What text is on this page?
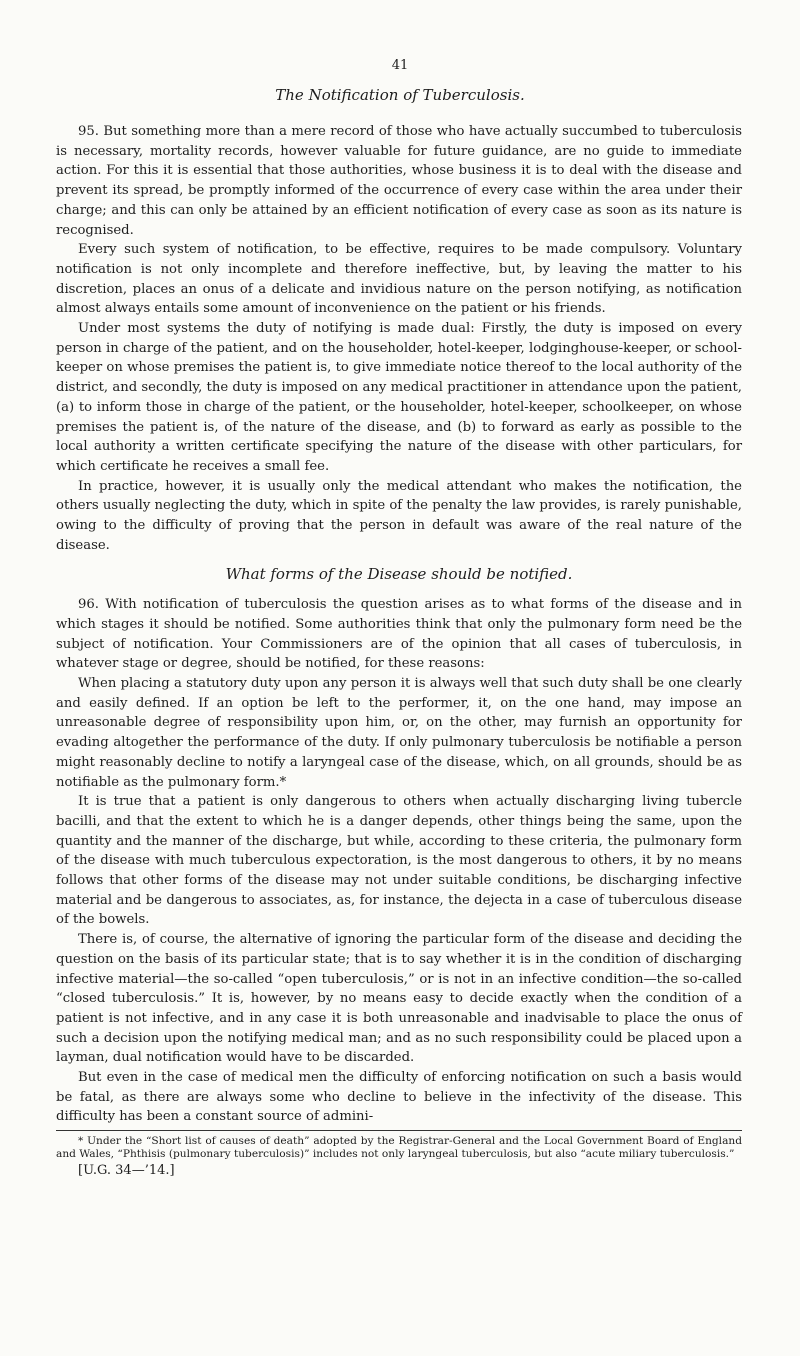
41
The Notification of Tuberculosis.

95. But something more than a mere record of those who have actually succumbed to tuberculosis is necessary, mortality records, however valuable for future guidance, are no guide to immediate action. For this it is essential that those authorities, whose business it is to deal with the disease and prevent its spread, be promptly informed of the occurrence of every case within the area under their charge; and this can only be attained by an efficient notification of every case as soon as its nature is recognised.

Every such system of notification, to be effective, requires to be made compulsory. Voluntary notification is not only incomplete and therefore ineffective, but, by leaving the matter to his discretion, places an onus of a delicate and invidious nature on the person notifying, as notification almost always entails some amount of inconvenience on the patient or his friends.

Under most systems the duty of notifying is made dual: Firstly, the duty is imposed on every person in charge of the patient, and on the householder, hotel-keeper, lodginghouse-keeper, or school-keeper on whose premises the patient is, to give immediate notice thereof to the local authority of the district, and secondly, the duty is imposed on any medical practitioner in attendance upon the patient, (a) to inform those in charge of the patient, or the householder, hotel-keeper, schoolkeeper, on whose premises the patient is, of the nature of the disease, and (b) to forward as early as possible to the local authority a written certificate specifying the nature of the disease with other particulars, for which certificate he receives a small fee.

In practice, however, it is usually only the medical attendant who makes the notification, the others usually neglecting the duty, which in spite of the penalty the law provides, is rarely punishable, owing to the difficulty of proving that the person in default was aware of the real nature of the disease.

What forms of the Disease should be notified.

96. With notification of tuberculosis the question arises as to what forms of the disease and in which stages it should be notified. Some authorities think that only the pulmonary form need be the subject of notification. Your Commissioners are of the opinion that all cases of tuberculosis, in whatever stage or degree, should be notified, for these reasons:

When placing a statutory duty upon any person it is always well that such duty shall be one clearly and easily defined. If an option be left to the performer, it, on the one hand, may impose an unreasonable degree of responsibility upon him, or, on the other, may furnish an opportunity for evading altogether the performance of the duty. If only pulmonary tuberculosis be notifiable a person might reasonably decline to notify a laryngeal case of the disease, which, on all grounds, should be as notifiable as the pulmonary form.*

It is true that a patient is only dangerous to others when actually discharging living tubercle bacilli, and that the extent to which he is a danger depends, other things being the same, upon the quantity and the manner of the discharge, but while, according to these criteria, the pulmonary form of the disease with much tuberculous expectoration, is the most dangerous to others, it by no means follows that other forms of the disease may not under suitable conditions, be discharging infective material and be dangerous to associates, as, for instance, the dejecta in a case of tuberculous disease of the bowels.

There is, of course, the alternative of ignoring the particular form of the disease and deciding the question on the basis of its particular state; that is to say whether it is in the condition of discharging infective material—the so-called “open tuberculosis,” or is not in an infective condition—the so-called “closed tuberculosis.” It is, however, by no means easy to decide exactly when the condition of a patient is not infective, and in any case it is both unreasonable and inadvisable to place the onus of such a decision upon the notifying medical man; and as no such responsibility could be placed upon a layman, dual notification would have to be discarded.

But even in the case of medical men the difficulty of enforcing notification on such a basis would be fatal, as there are always some who decline to believe in the infectivity of the disease. This difficulty has been a constant source of admini-

* Under the “Short list of causes of death” adopted by the Registrar-General and the Local Government Board of England and Wales, “Phthisis (pulmonary tuberculosis)” includes not only laryngeal tuberculosis, but also “acute miliary tuberculosis.”

[U.G. 34—’14.]
